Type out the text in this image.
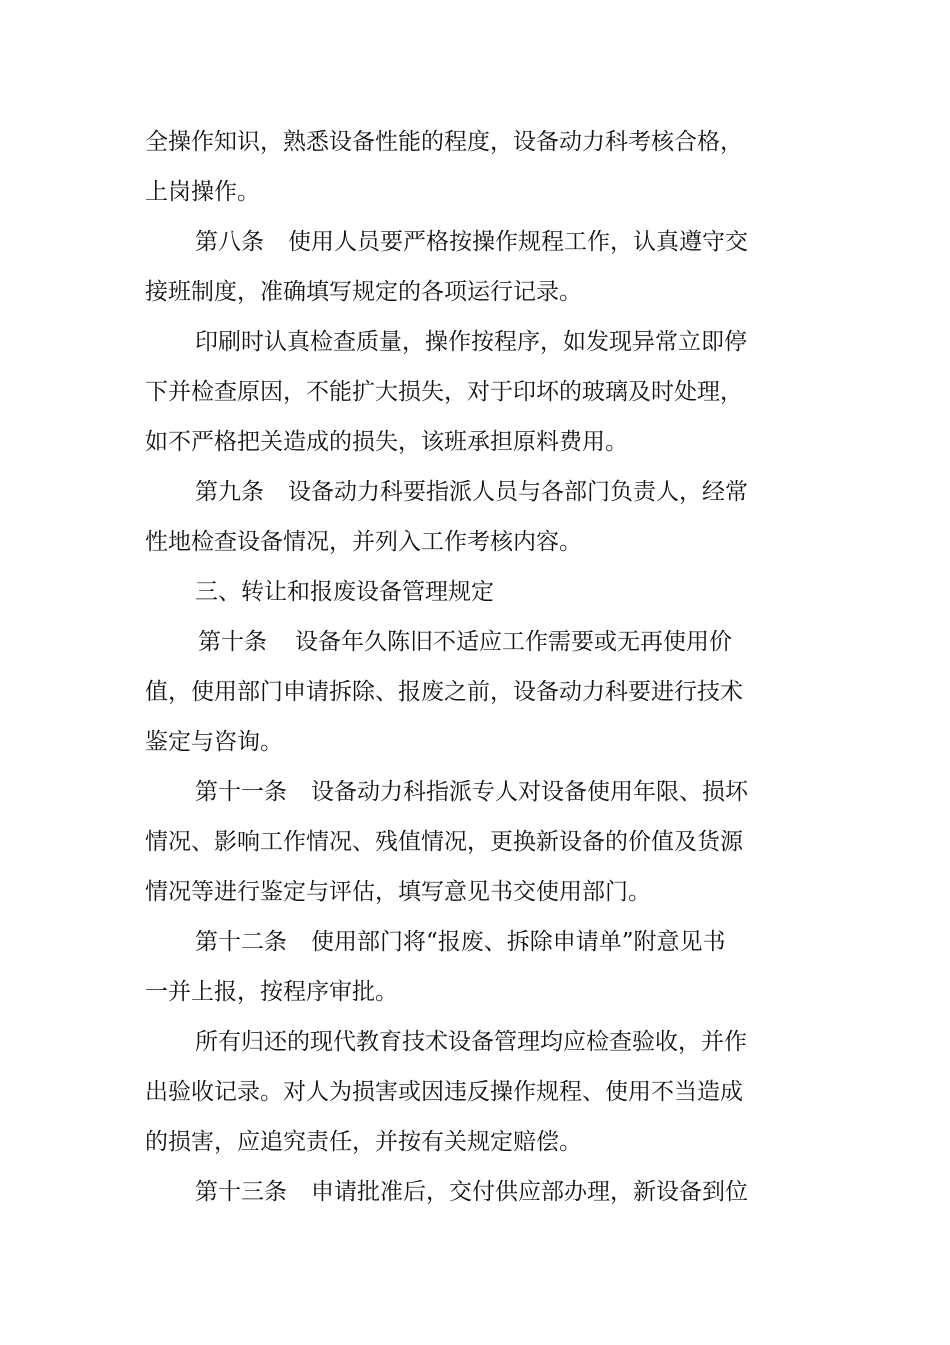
全操作知识，熟悉设备性能的程度，设备动力科考核合格，
上岗操作。
第八条 使用人员要严格按操作规程工作，认真遵守交
接班制度，准确填写规定的各项运行记录。
印刷时认真检查质量，操作按程序，如发现异常立即停
下并检查原因，不能扩大损失，对于印坏的玻璃及时处理，
如不严格把关造成的损失，该班承担原料费用。
第九条 设备动力科要指派人员与各部门负责人，经常
性地检查设备情况，并列入工作考核内容。
三、转让和报废设备管理规定
第十条 设备年久陈旧不适应工作需要或无再使用价
值，使用部门申请拆除、报废之前，设备动力科要进行技术
鉴定与咨询。
第十一条 设备动力科指派专人对设备使用年限、损坏
情况、影响工作情况、残值情况，更换新设备的价值及货源
情况等进行鉴定与评估，填写意见书交使用部门。
第十二条 使用部门将“报废、拆除申请单”附意见书
一并上报，按程序审批。
所有归还的现代教育技术设备管理均应检查验收，并作
出验收记录。对人为损害或因违反操作规程、使用不当造成
的损害，应追究责任，并按有关规定赔偿。
第十三条 申请批准后，交付供应部办理，新设备到位
